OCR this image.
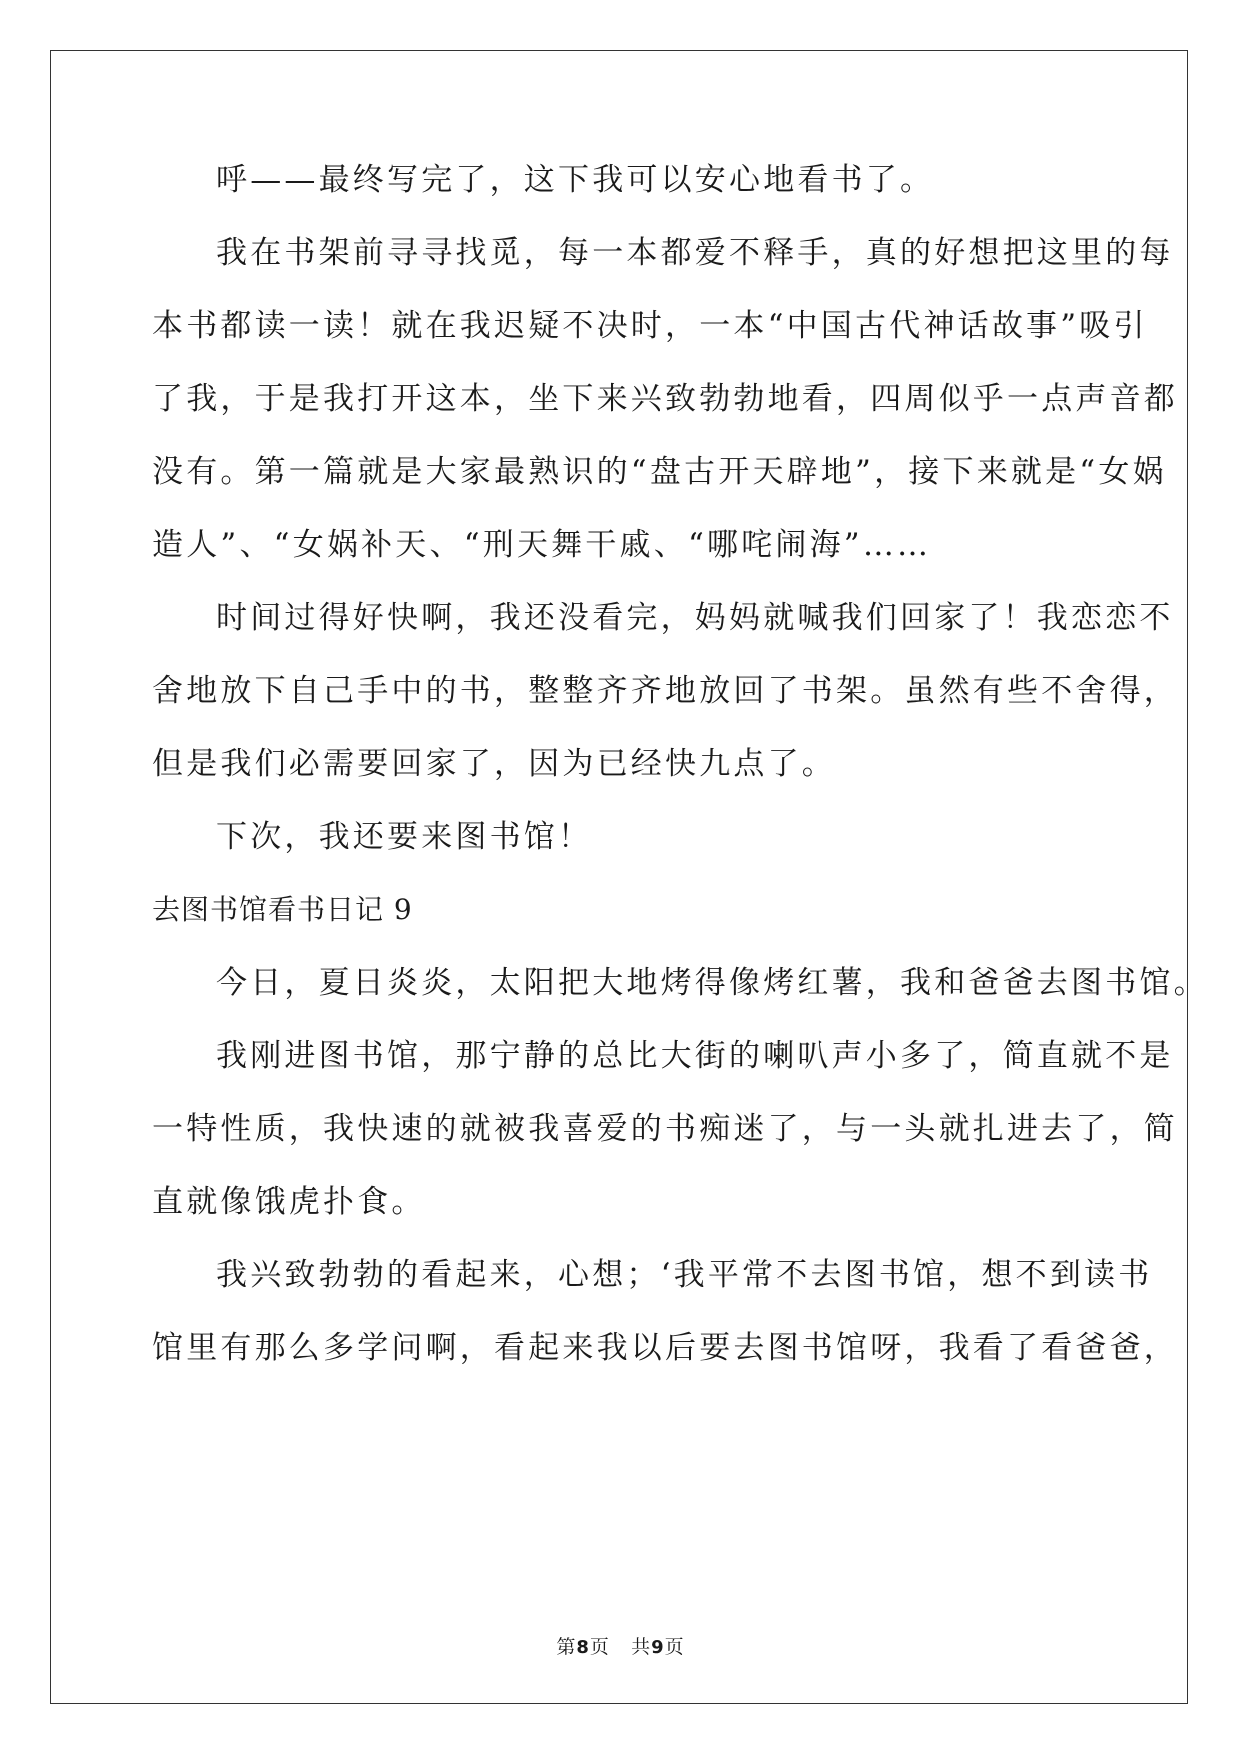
呼——最终写完了，这下我可以安心地看书了。
我在书架前寻寻找觅，每一本都爱不释手，真的好想把这里的每
本书都读一读！就在我迟疑不决时，一本“中国古代神话故事”吸引
了我，于是我打开这本，坐下来兴致勃勃地看，四周似乎一点声音都
没有。第一篇就是大家最熟识的“盘古开天辟地”，接下来就是“女娲
造人”、“女娲补天、“刑天舞干戚、“哪咤闹海”……
时间过得好快啊，我还没看完，妈妈就喊我们回家了！我恋恋不
舍地放下自己手中的书，整整齐齐地放回了书架。虽然有些不舍得，
但是我们必需要回家了，因为已经快九点了。
下次，我还要来图书馆！
去图书馆看书日记 9
今日，夏日炎炎，太阳把大地烤得像烤红薯，我和爸爸去图书馆。
我刚进图书馆，那宁静的总比大街的喇叭声小多了，简直就不是
一特性质，我快速的就被我喜爱的书痴迷了，与一头就扎进去了，简
直就像饿虎扑食。
我兴致勃勃的看起来，心想；‘我平常不去图书馆，想不到读书
馆里有那么多学问啊，看起来我以后要去图书馆呀，我看了看爸爸，
第8页 共9页
